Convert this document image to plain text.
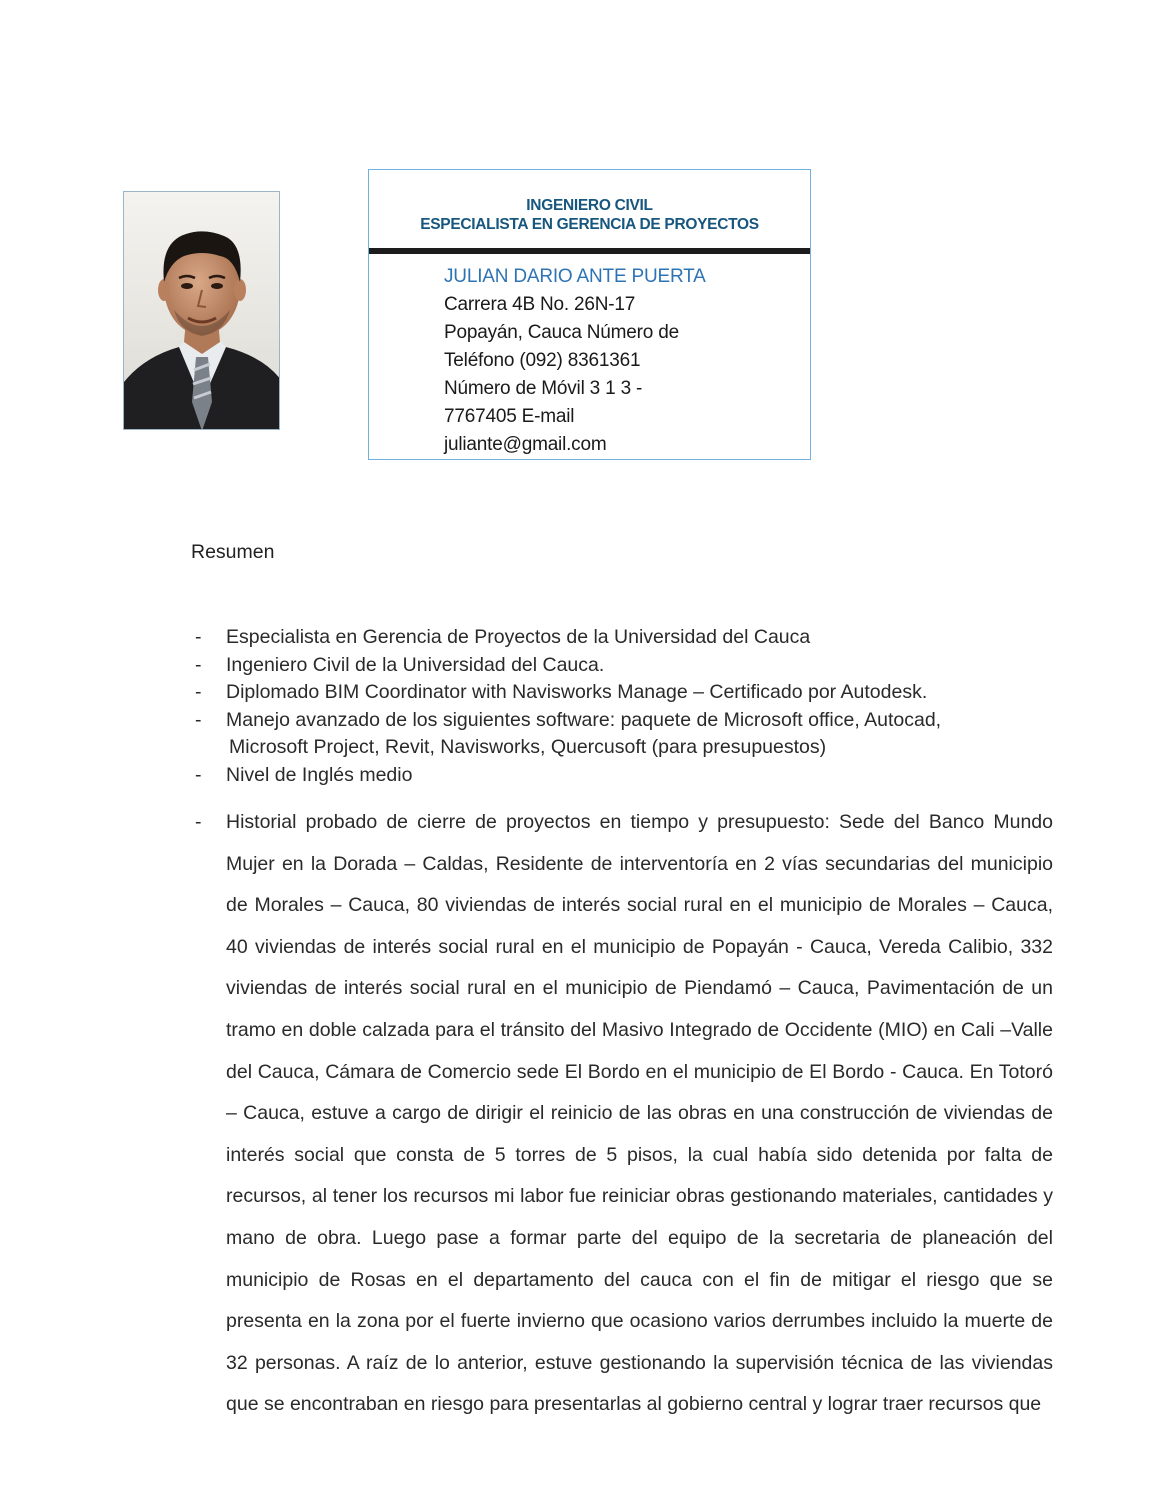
INGENIERO CIVIL
ESPECIALISTA EN GERENCIA DE PROYECTOS
JULIAN DARIO ANTE PUERTA
Carrera 4B No. 26N-17
Popayán, Cauca Número de
Teléfono (092) 8361361
Número de Móvil 3 1 3 -
7767405 E-mail
juliante@gmail.com
Resumen
- Especialista en Gerencia de Proyectos de la Universidad del Cauca
- Ingeniero Civil de la Universidad del Cauca.
- Diplomado BIM Coordinator with Navisworks Manage – Certificado por Autodesk.
- Manejo avanzado de los siguientes software: paquete de Microsoft office, Autocad,
Microsoft Project, Revit, Navisworks, Quercusoft (para presupuestos)
- Nivel de Inglés medio
- Historial probado de cierre de proyectos en tiempo y presupuesto: Sede del Banco Mundo Mujer en la Dorada – Caldas, Residente de interventoría en 2 vías secundarias del municipio de Morales – Cauca, 80 viviendas de interés social rural en el municipio de Morales – Cauca, 40 viviendas de interés social rural en el municipio de Popayán - Cauca, Vereda Calibio, 332 viviendas de interés social rural en el municipio de Piendamó – Cauca, Pavimentación de un tramo en doble calzada para el tránsito del Masivo Integrado de Occidente (MIO) en Cali –Valle del Cauca, Cámara de Comercio sede El Bordo en el municipio de El Bordo - Cauca. En Totoró – Cauca, estuve a cargo de dirigir el reinicio de las obras en una construcción de viviendas de interés social que consta de 5 torres de 5 pisos, la cual había sido detenida por falta de recursos, al tener los recursos mi labor fue reiniciar obras gestionando materiales, cantidades y mano de obra. Luego pase a formar parte del equipo de la secretaria de planeación del municipio de Rosas en el departamento del cauca con el fin de mitigar el riesgo que se presenta en la zona por el fuerte invierno que ocasiono varios derrumbes incluido la muerte de 32 personas. A raíz de lo anterior, estuve gestionando la supervisión técnica de las viviendas que se encontraban en riesgo para presentarlas al gobierno central y lograr traer recursos que
